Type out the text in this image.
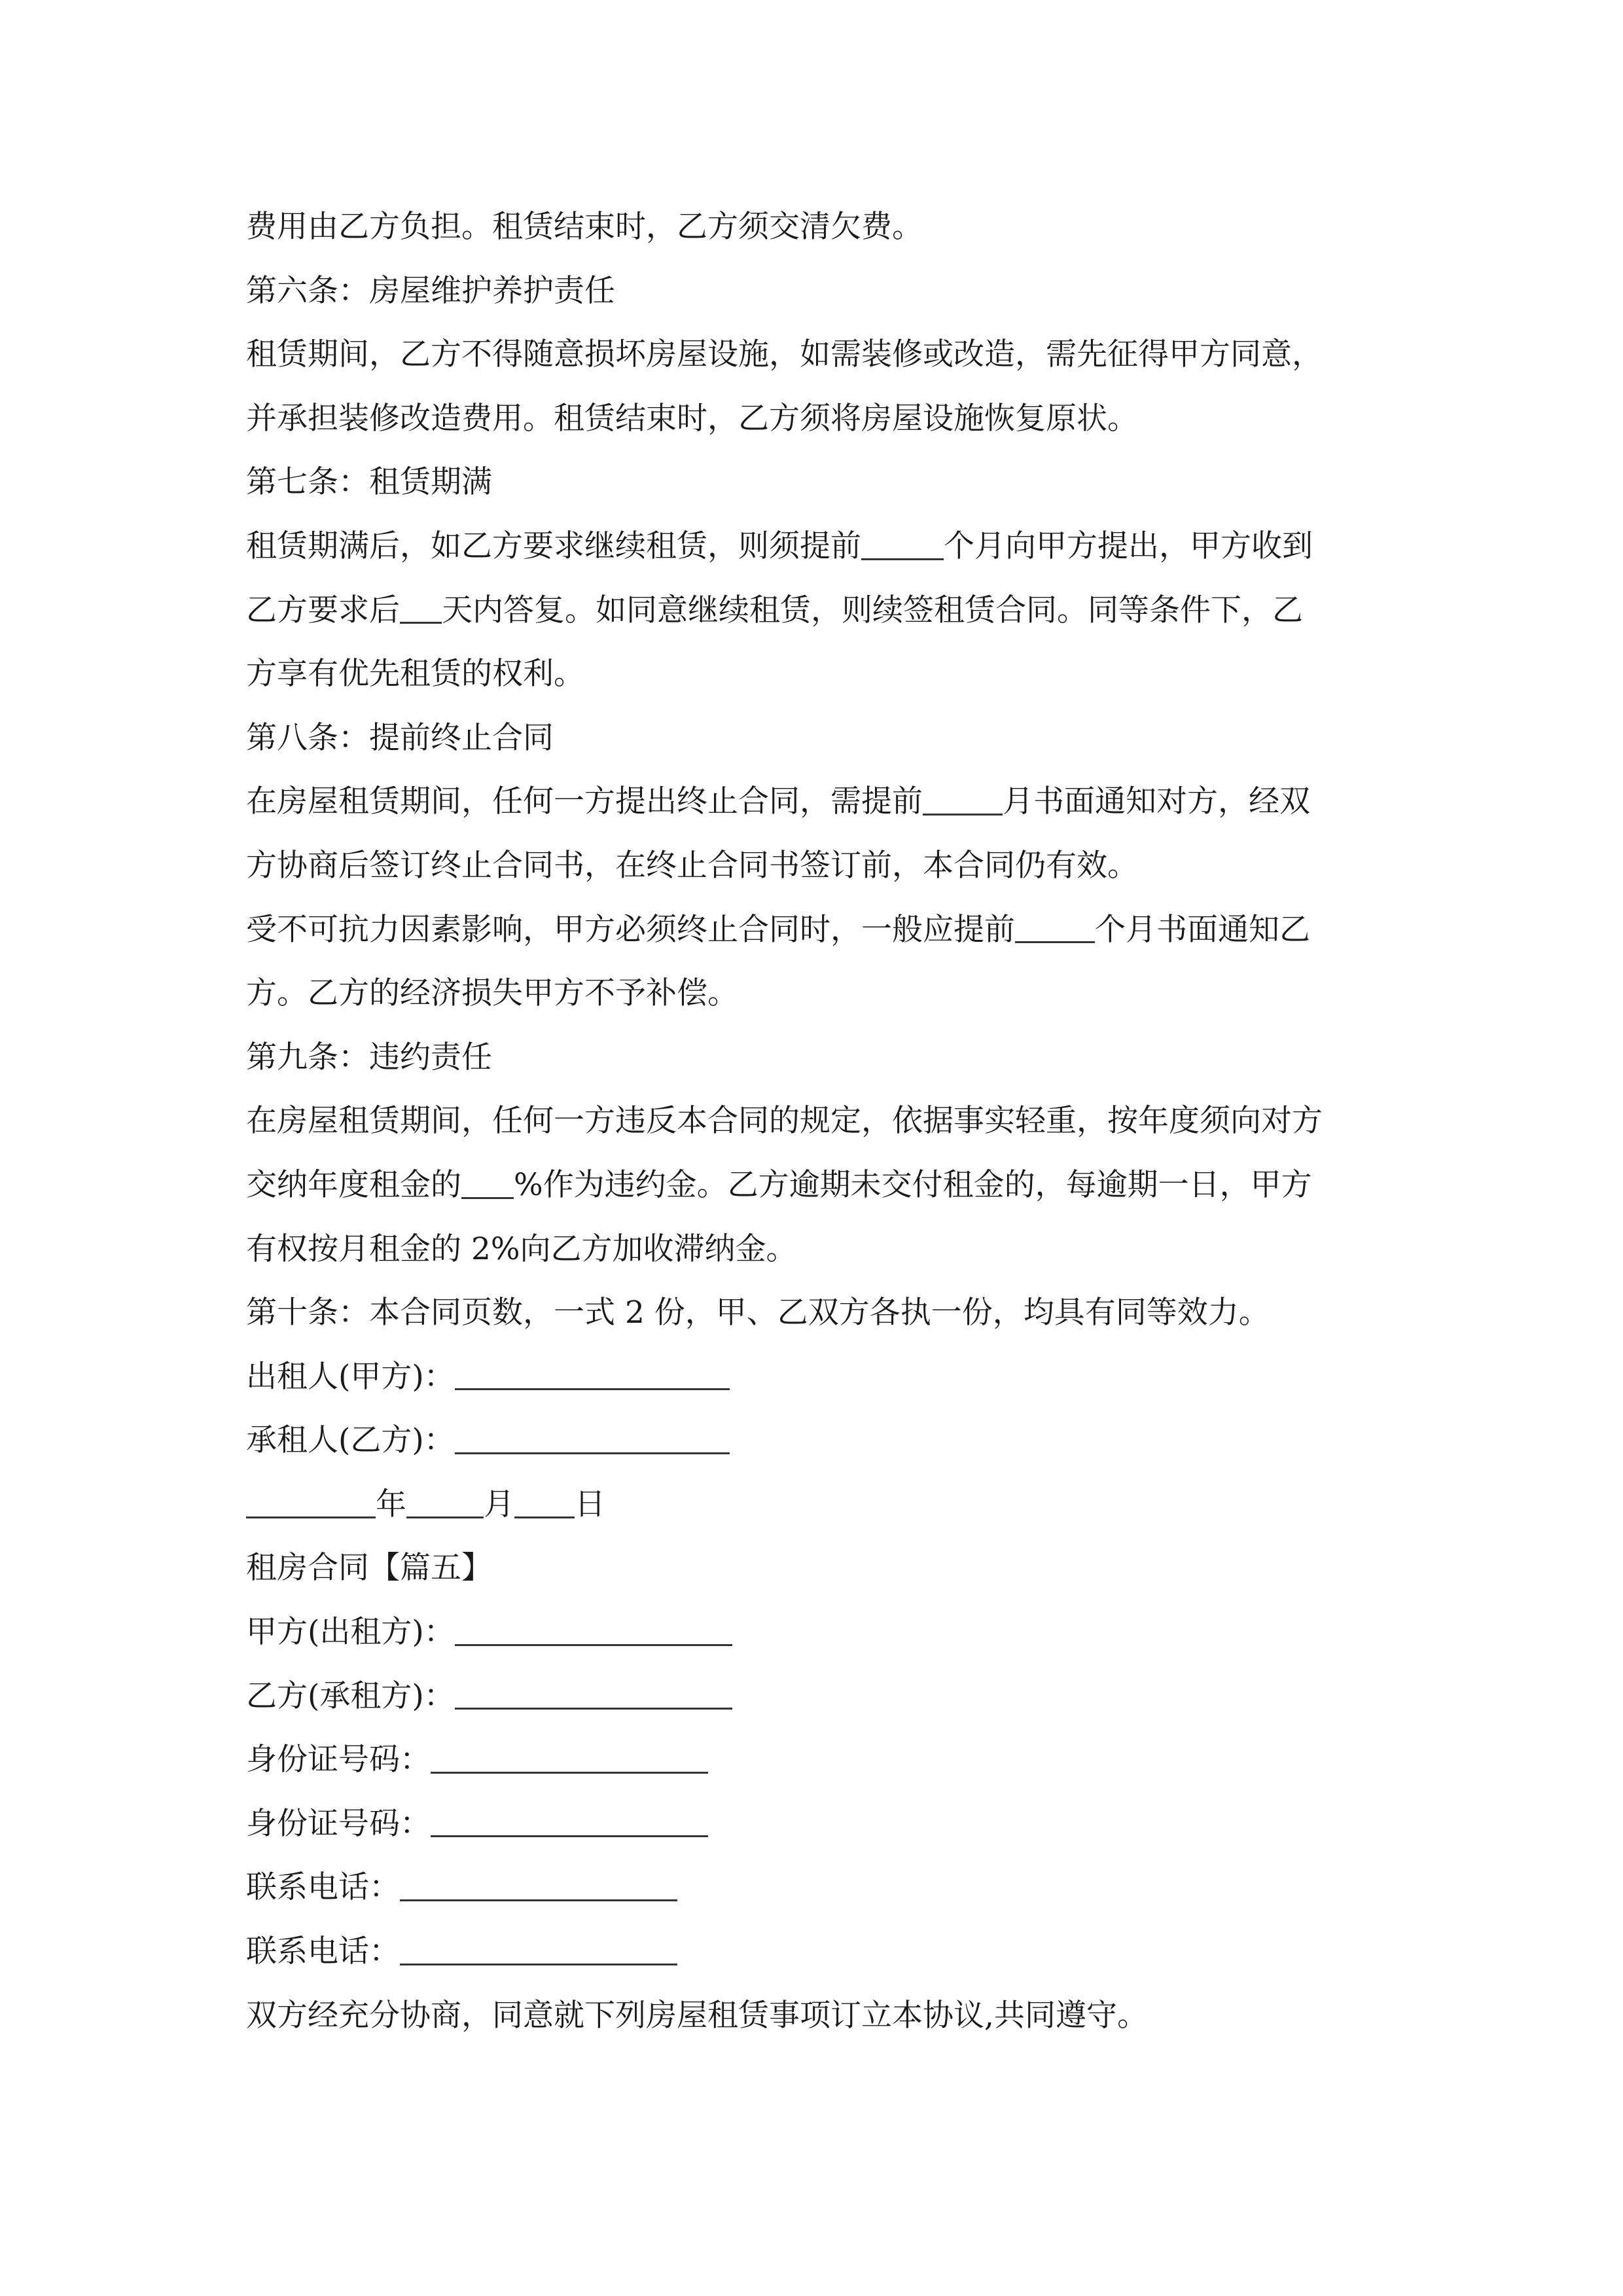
费用由乙方负担。租赁结束时，乙方须交清欠费。
第六条：房屋维护养护责任
租赁期间，乙方不得随意损坏房屋设施，如需装修或改造，需先征得甲方同意，
并承担装修改造费用。租赁结束时，乙方须将房屋设施恢复原状。
第七条：租赁期满
租赁期满后，如乙方要求继续租赁，则须提前	个月向甲方提出，甲方收到
乙方要求后 天内答复。如同意继续租赁，则续签租赁合同。同等条件下，乙
方享有优先租赁的权利。
第八条：提前终止合同
在房屋租赁期间，任何一方提出终止合同，需提前	月书面通知对方，经双
方协商后签订终止合同书，在终止合同书签订前，本合同仍有效。
受不可抗力因素影响，甲方必须终止合同时，一般应提前	个月书面通知乙
方。乙方的经济损失甲方不予补偿。
第九条：违约责任
在房屋租赁期间，任何一方违反本合同的规定，依据事实轻重，按年度须向对方
交纳年度租金的 %作为违约金。乙方逾期未交付租金的，每逾期一日，甲方
有权按月租金的 2%向乙方加收滞纳金。
第十条：本合同页数，一式 2 份，甲、乙双方各执一份，均具有同等效力。
出租人(甲方)：
承租人(乙方)：
年	月 日
租房合同【篇五】
甲方(出租方)：
乙方(承租方)：
身份证号码：
身份证号码：
联系电话：
联系电话：
双方经充分协商，同意就下列房屋租赁事项订立本协议,共同遵守。
